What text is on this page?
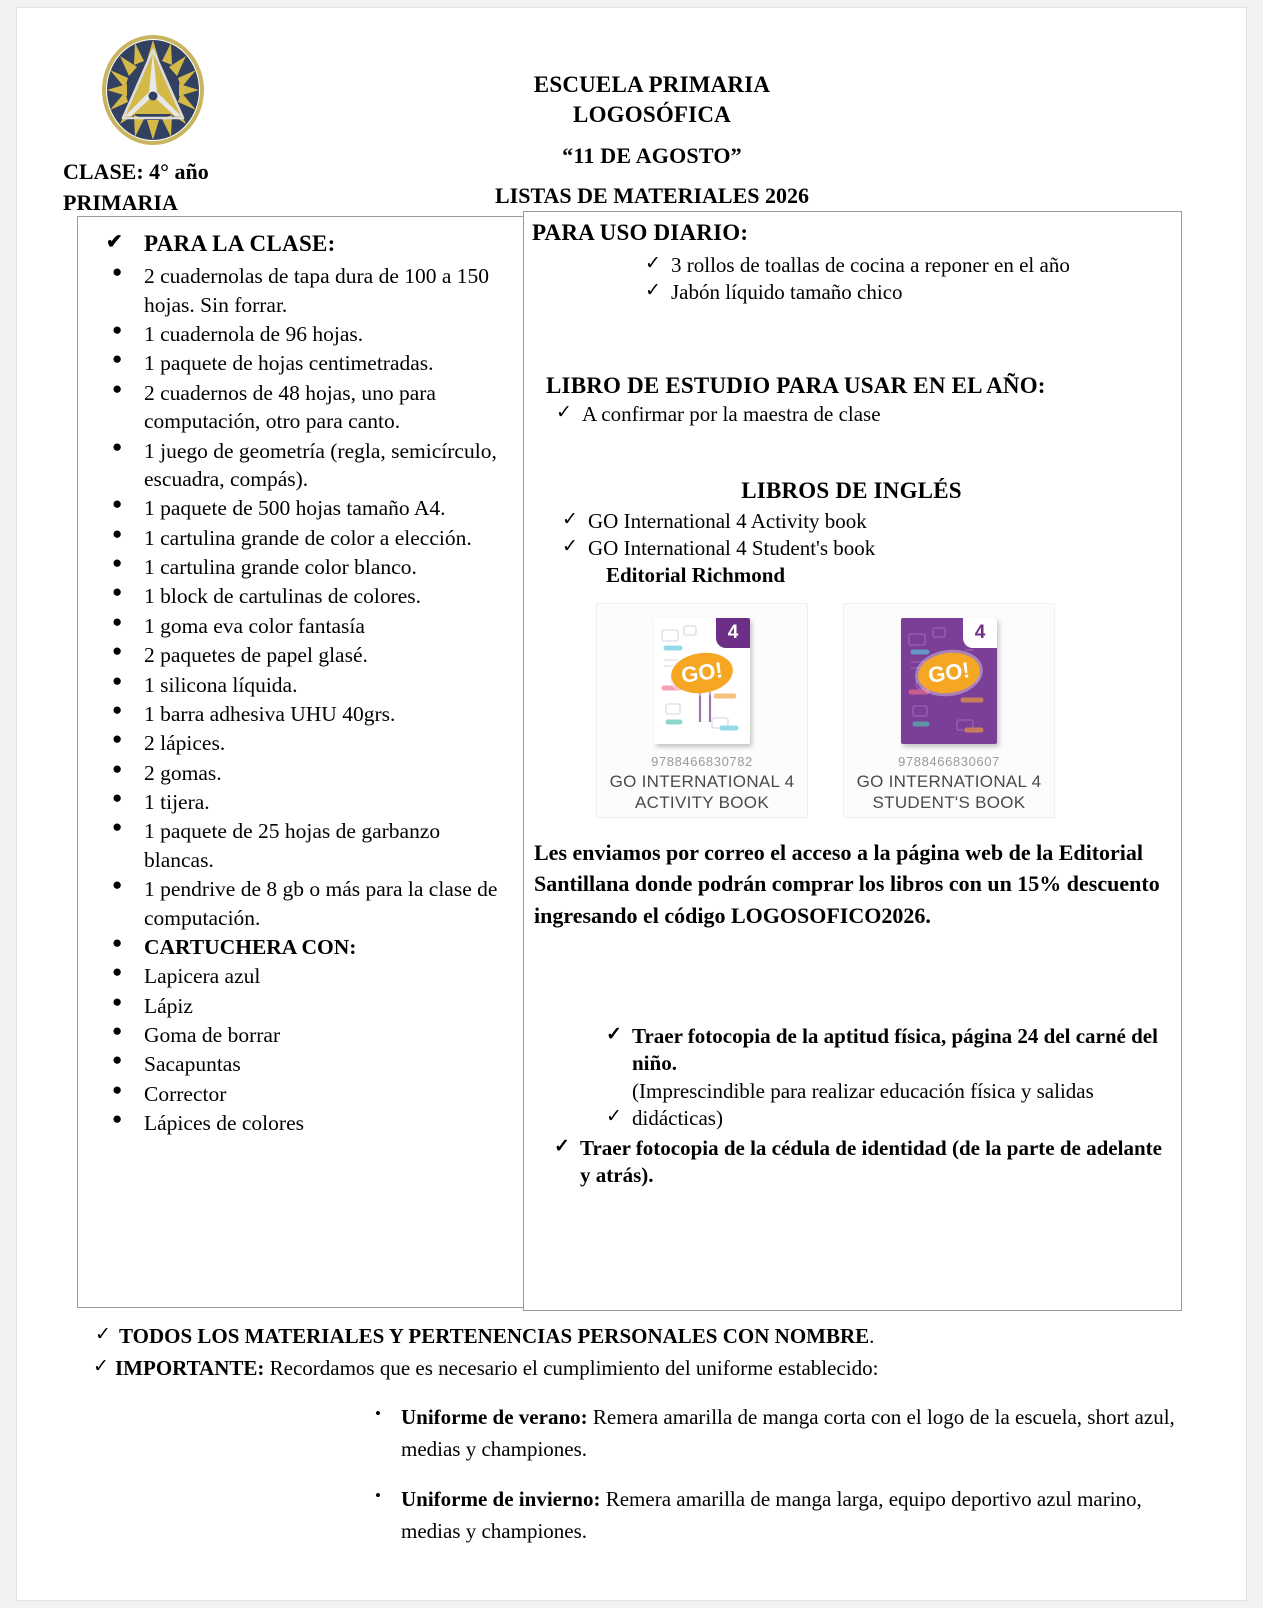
ESCUELA PRIMARIA
LOGOSÓFICA
“11 DE AGOSTO”
CLASE: 4° año
PRIMARIA	LISTAS DE MATERIALES 2026
✔ PARA LA CLASE:
● 2 cuadernolas de tapa dura de 100 a 150 hojas. Sin forrar.
● 1 cuadernola de 96 hojas.
● 1 paquete de hojas centimetradas.
● 2 cuadernos de 48 hojas, uno para computación, otro para canto.
● 1 juego de geometría (regla, semicírculo, escuadra, compás).
● 1 paquete de 500 hojas tamaño A4.
● 1 cartulina grande de color a elección.
● 1 cartulina grande color blanco.
● 1 block de cartulinas de colores.
● 1 goma eva color fantasía
● 2 paquetes de papel glasé.
● 1 silicona líquida.
● 1 barra adhesiva UHU 40grs.
● 2 lápices.
● 2 gomas.
● 1 tijera.
● 1 paquete de 25 hojas de garbanzo blancas.
● 1 pendrive de 8 gb o más para la clase de computación.
● CARTUCHERA CON:
● Lapicera azul
● Lápiz
● Goma de borrar
● Sacapuntas
● Corrector
● Lápices de colores
PARA USO DIARIO:
✓ 3 rollos de toallas de cocina a reponer en el año
✓ Jabón líquido tamaño chico
LIBRO DE ESTUDIO PARA USAR EN EL AÑO:
✓ A confirmar por la maestra de clase
LIBROS DE INGLÉS
✓ GO International 4 Activity book
✓ GO International 4 Student's book
Editorial Richmond
4
GO!
9788466830782
GO INTERNATIONAL 4
ACTIVITY BOOK
4
GO!
9788466830607
GO INTERNATIONAL 4
STUDENT'S BOOK
Les enviamos por correo el acceso a la página web de la Editorial Santillana donde podrán comprar los libros con un 15% descuento ingresando el código LOGOSOFICO2026.
✓ Traer fotocopia de la aptitud física, página 24 del carné del niño.
(Imprescindible para realizar educación física y salidas
✓ didácticas)
✓ Traer fotocopia de la cédula de identidad (de la parte de adelante y atrás).
✓ TODOS LOS MATERIALES Y PERTENENCIAS PERSONALES CON NOMBRE.
✓ IMPORTANTE: Recordamos que es necesario el cumplimiento del uniforme establecido:
• Uniforme de verano: Remera amarilla de manga corta con el logo de la escuela, short azul, medias y championes.
• Uniforme de invierno: Remera amarilla de manga larga, equipo deportivo azul marino, medias y championes.
